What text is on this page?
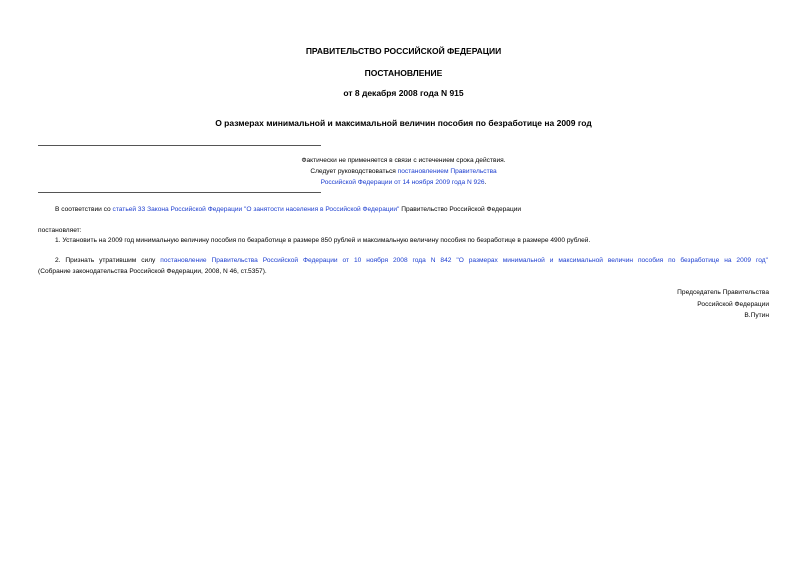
ПРАВИТЕЛЬСТВО РОССИЙСКОЙ ФЕДЕРАЦИИ
ПОСТАНОВЛЕНИЕ
от 8 декабря 2008 года N 915
О размерах минимальной и максимальной величин пособия по безработице на 2009 год
Фактически не применяется в связи с истечением срока действия.
Следует руководствоваться постановлением Правительства
Российской Федерации от 14 ноября 2009 года N 926.
В соответствии со статьей 33 Закона Российской Федерации "О занятости населения в Российской Федерации" Правительство Российской Федерации
постановляет:
1. Установить на 2009 год минимальную величину пособия по безработице в размере 850 рублей и максимальную величину пособия по безработице в размере 4900 рублей.
2. Признать утратившим силу постановление Правительства Российской Федерации от 10 ноября 2008 года N 842 "О размерах минимальной и максимальной величин пособия по безработице на 2009 год"
(Собрание законодательства Российской Федерации, 2008, N 46, ст.5357).
Председатель Правительства
Российской Федерации
В.Путин
